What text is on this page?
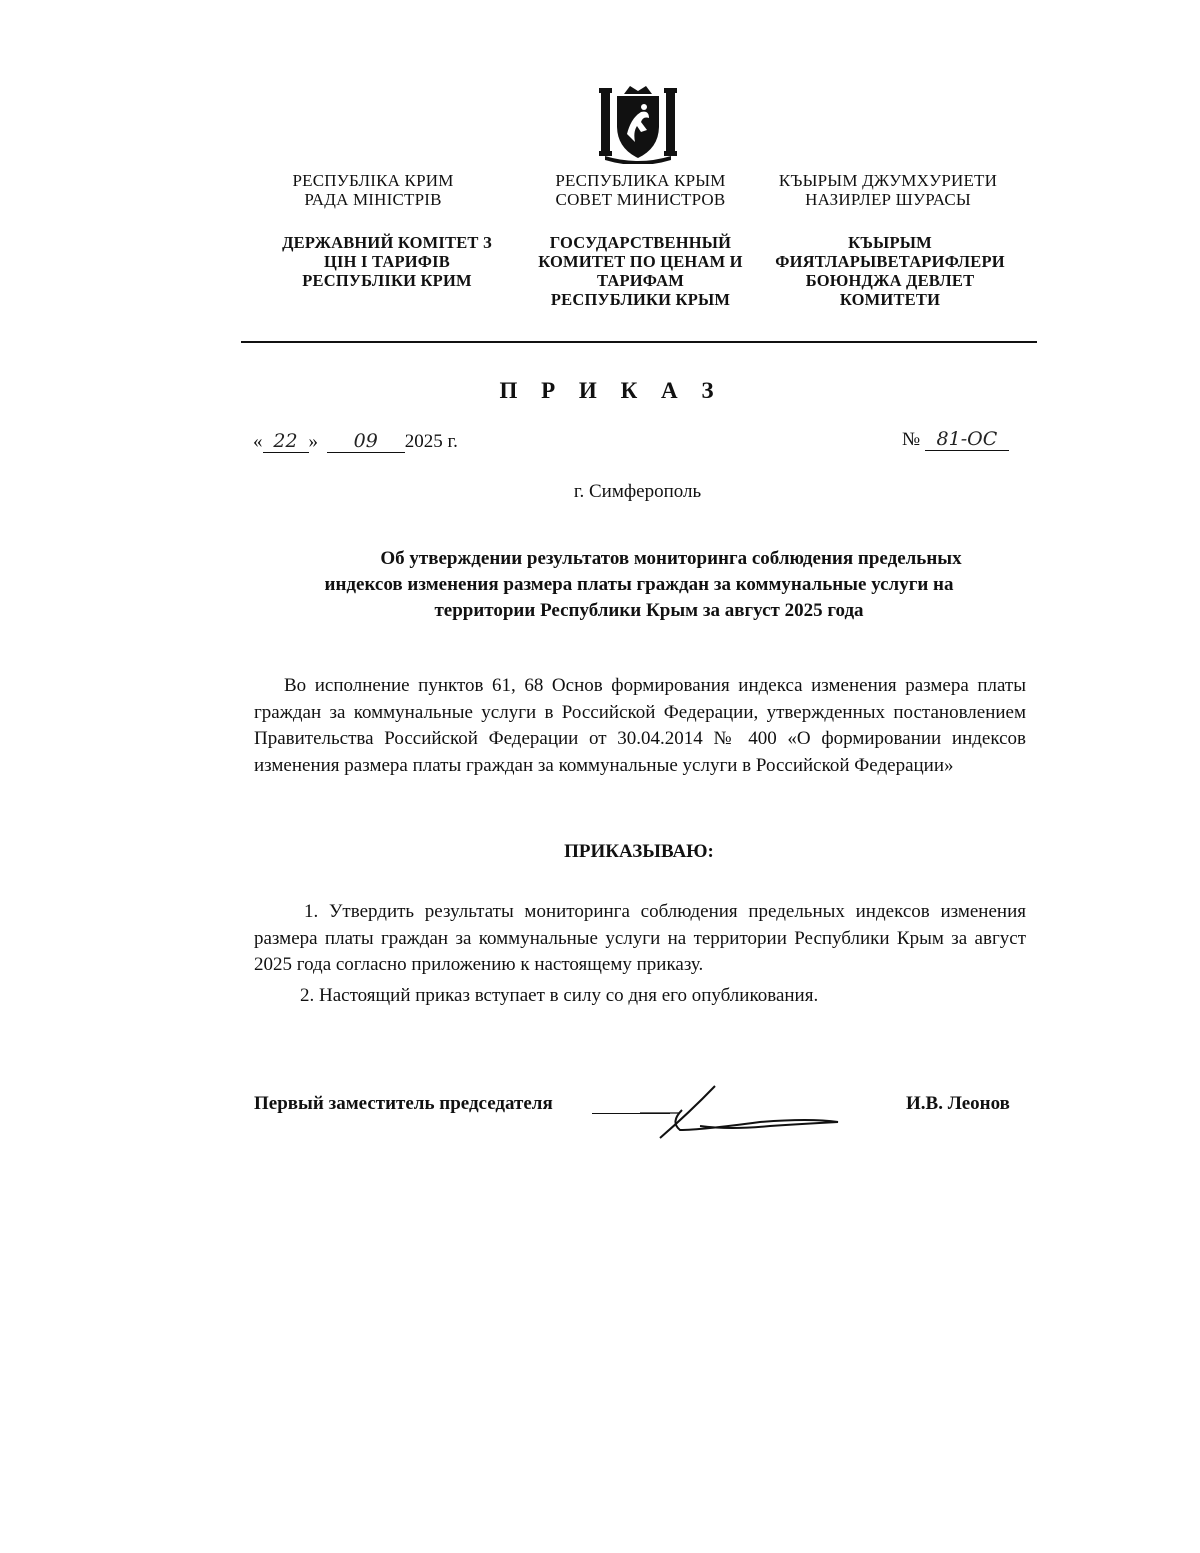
РЕСПУБЛІКА КРИМ
РАДА МІНІСТРІВ
РЕСПУБЛИКА КРЫМ
СОВЕТ МИНИСТРОВ
КЪЫРЫМ ДЖУМХУРИЕТИ
НАЗИРЛЕР ШУРАСЫ
ДЕРЖАВНИЙ КОМІТЕТ З
ЦІН І ТАРИФІВ
РЕСПУБЛІКИ КРИМ
ГОСУДАРСТВЕННЫЙ
КОМИТЕТ ПО ЦЕНАМ И
ТАРИФАМ
РЕСПУБЛИКИ КРЫМ
КЪЫРЫМ
ФИЯТЛАРЫВЕТАРИФЛЕРИ
БОЮНДЖА ДЕВЛЕТ
КОМИТЕТИ
П Р И К А З
« 22 » 09 2025 г.	№ 81-ОС
г. Симферополь
Об утверждении результатов мониторинга соблюдения предельных
индексов изменения размера платы граждан за коммунальные услуги на
территории Республики Крым за август 2025 года
Во исполнение пунктов 61, 68 Основ формирования индекса изменения размера платы граждан за коммунальные услуги в Российской Федерации, утвержденных постановлением Правительства Российской Федерации от 30.04.2014 № 400 «О формировании индексов изменения размера платы граждан за коммунальные услуги в Российской Федерации»
ПРИКАЗЫВАЮ:
1. Утвердить результаты мониторинга соблюдения предельных индексов изменения размера платы граждан за коммунальные услуги на территории Республики Крым за август 2025 года согласно приложению к настоящему приказу.
2. Настоящий приказ вступает в силу со дня его опубликования.
Первый заместитель председателя	И.В. Леонов
